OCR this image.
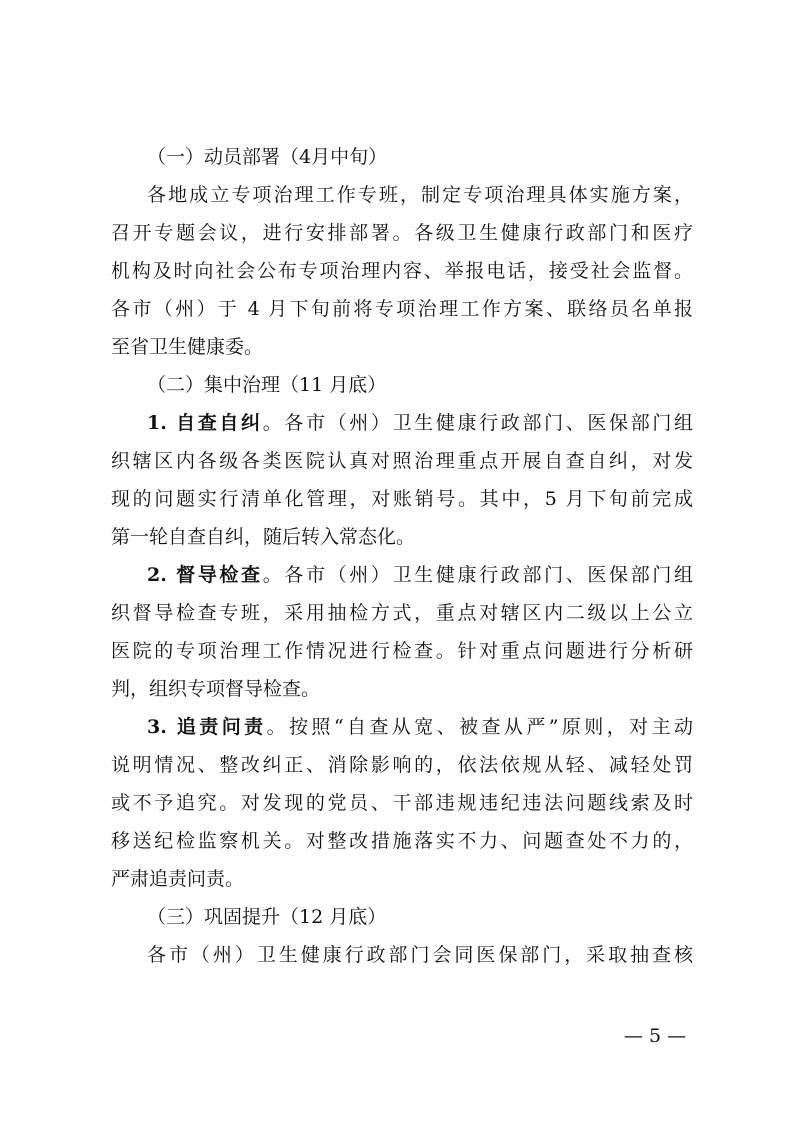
（一）动员部署（4月中旬）
各地成立专项治理工作专班，制定专项治理具体实施方案，
召开专题会议，进行安排部署。各级卫生健康行政部门和医疗
机构及时向社会公布专项治理内容、举报电话，接受社会监督。
各市（州）于 4 月下旬前将专项治理工作方案、联络员名单报
至省卫生健康委。
（二）集中治理（11 月底）
1. 自查自纠。各市（州）卫生健康行政部门、医保部门组
织辖区内各级各类医院认真对照治理重点开展自查自纠，对发
现的问题实行清单化管理，对账销号。其中，5 月下旬前完成
第一轮自查自纠，随后转入常态化。
2. 督导检查。各市（州）卫生健康行政部门、医保部门组
织督导检查专班，采用抽检方式，重点对辖区内二级以上公立
医院的专项治理工作情况进行检查。针对重点问题进行分析研
判，组织专项督导检查。
3. 追责问责。按照“自查从宽、被查从严”原则，对主动
说明情况、整改纠正、消除影响的，依法依规从轻、减轻处罚
或不予追究。对发现的党员、干部违规违纪违法问题线索及时
移送纪检监察机关。对整改措施落实不力、问题查处不力的，
严肃追责问责。
（三）巩固提升（12 月底）
各市（州）卫生健康行政部门会同医保部门，采取抽查核
— 5 —
